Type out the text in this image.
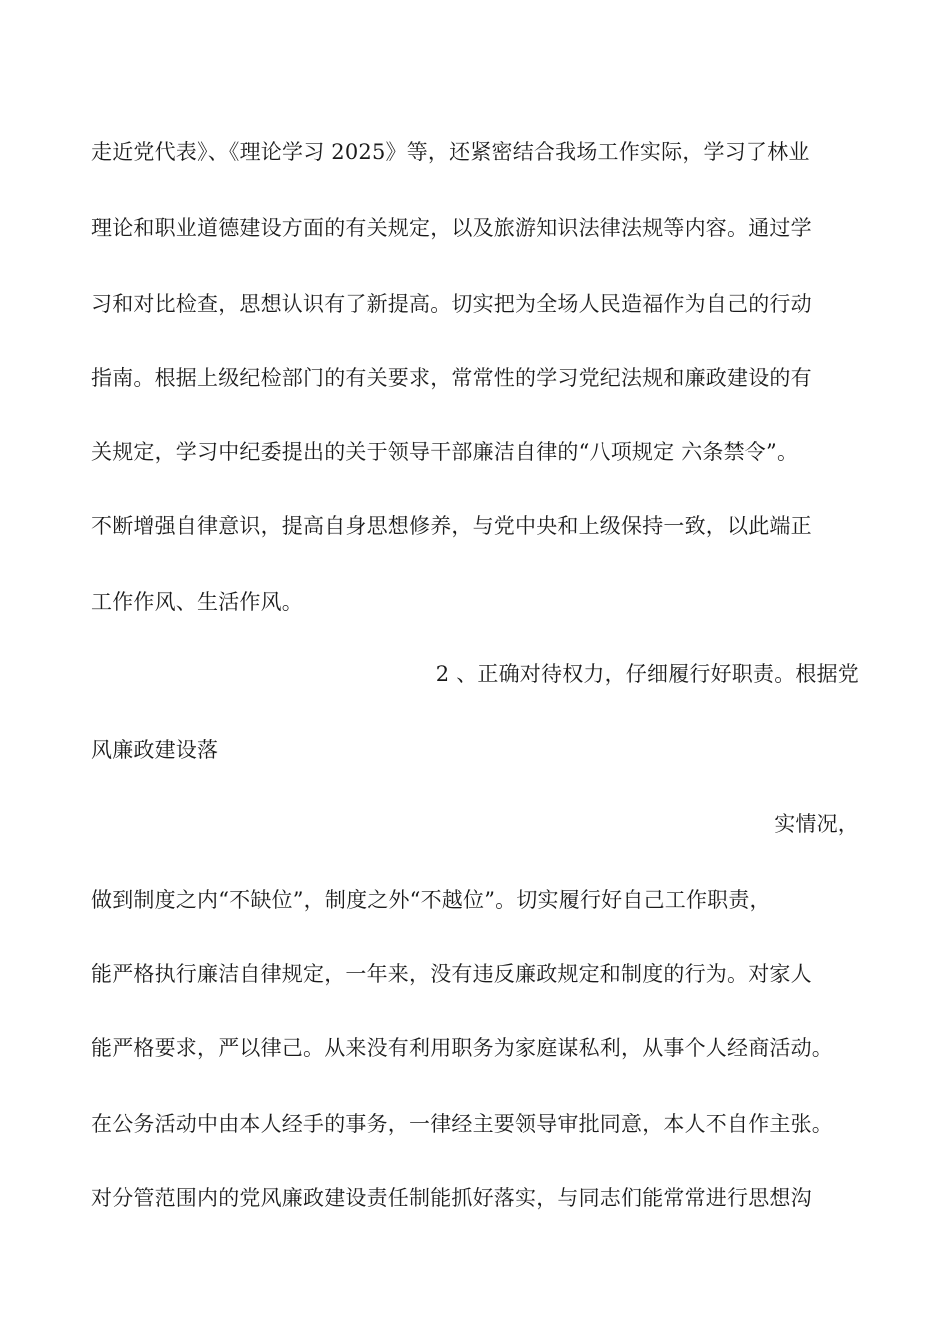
走近党代表》、《理论学习 2025》等，还紧密结合我场工作实际，学习了林业
理论和职业道德建设方面的有关规定，以及旅游知识法律法规等内容。通过学
习和对比检查，思想认识有了新提高。切实把为全场人民造福作为自己的行动
指南。根据上级纪检部门的有关要求，常常性的学习党纪法规和廉政建设的有
关规定，学习中纪委提出的关于领导干部廉洁自律的“八项规定 六条禁令”。
不断增强自律意识，提高自身思想修养，与党中央和上级保持一致，以此端正
工作作风、生活作风。
2 、正确对待权力，仔细履行好职责。根据党
风廉政建设落
实情况，
做到制度之内“不缺位”，制度之外“不越位”。切实履行好自己工作职责，
能严格执行廉洁自律规定，一年来，没有违反廉政规定和制度的行为。对家人
能严格要求，严以律己。从来没有利用职务为家庭谋私利，从事个人经商活动。
在公务活动中由本人经手的事务，一律经主要领导审批同意，本人不自作主张。
对分管范围内的党风廉政建设责任制能抓好落实，与同志们能常常进行思想沟
